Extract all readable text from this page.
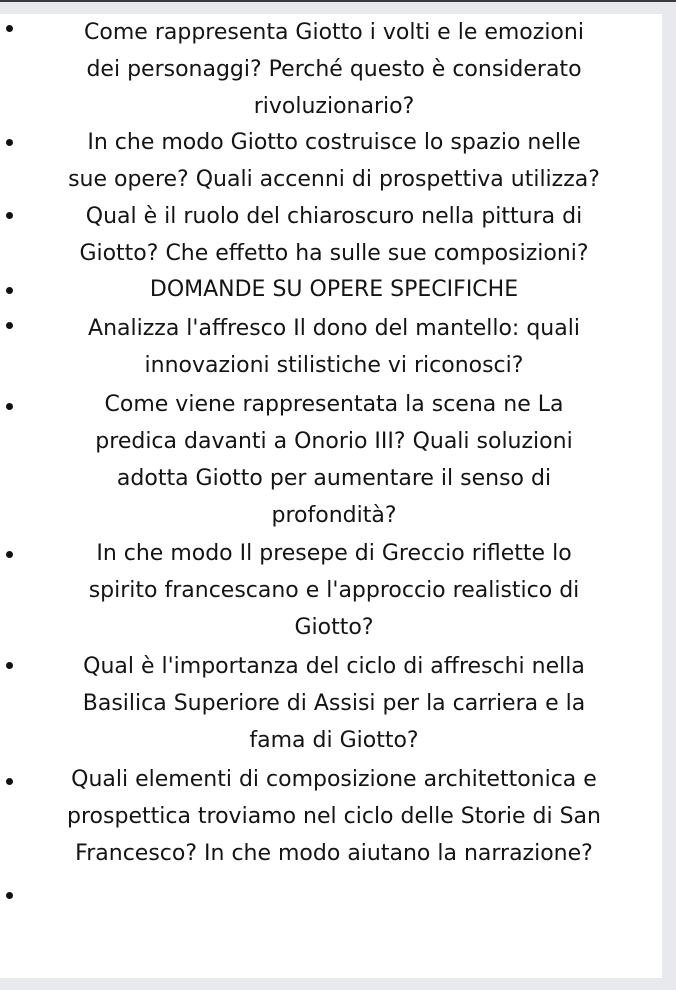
Come rappresenta Giotto i volti e le emozioni
dei personaggi? Perché questo è considerato
rivoluzionario?
In che modo Giotto costruisce lo spazio nelle
sue opere? Quali accenni di prospettiva utilizza?
Qual è il ruolo del chiaroscuro nella pittura di
Giotto? Che effetto ha sulle sue composizioni?
DOMANDE SU OPERE SPECIFICHE
Analizza l'affresco Il dono del mantello: quali
innovazioni stilistiche vi riconosci?
Come viene rappresentata la scena ne La
predica davanti a Onorio III? Quali soluzioni
adotta Giotto per aumentare il senso di
profondità?
In che modo Il presepe di Greccio riflette lo
spirito francescano e l'approccio realistico di
Giotto?
Qual è l'importanza del ciclo di affreschi nella
Basilica Superiore di Assisi per la carriera e la
fama di Giotto?
Quali elementi di composizione architettonica e
prospettica troviamo nel ciclo delle Storie di San
Francesco? In che modo aiutano la narrazione?
